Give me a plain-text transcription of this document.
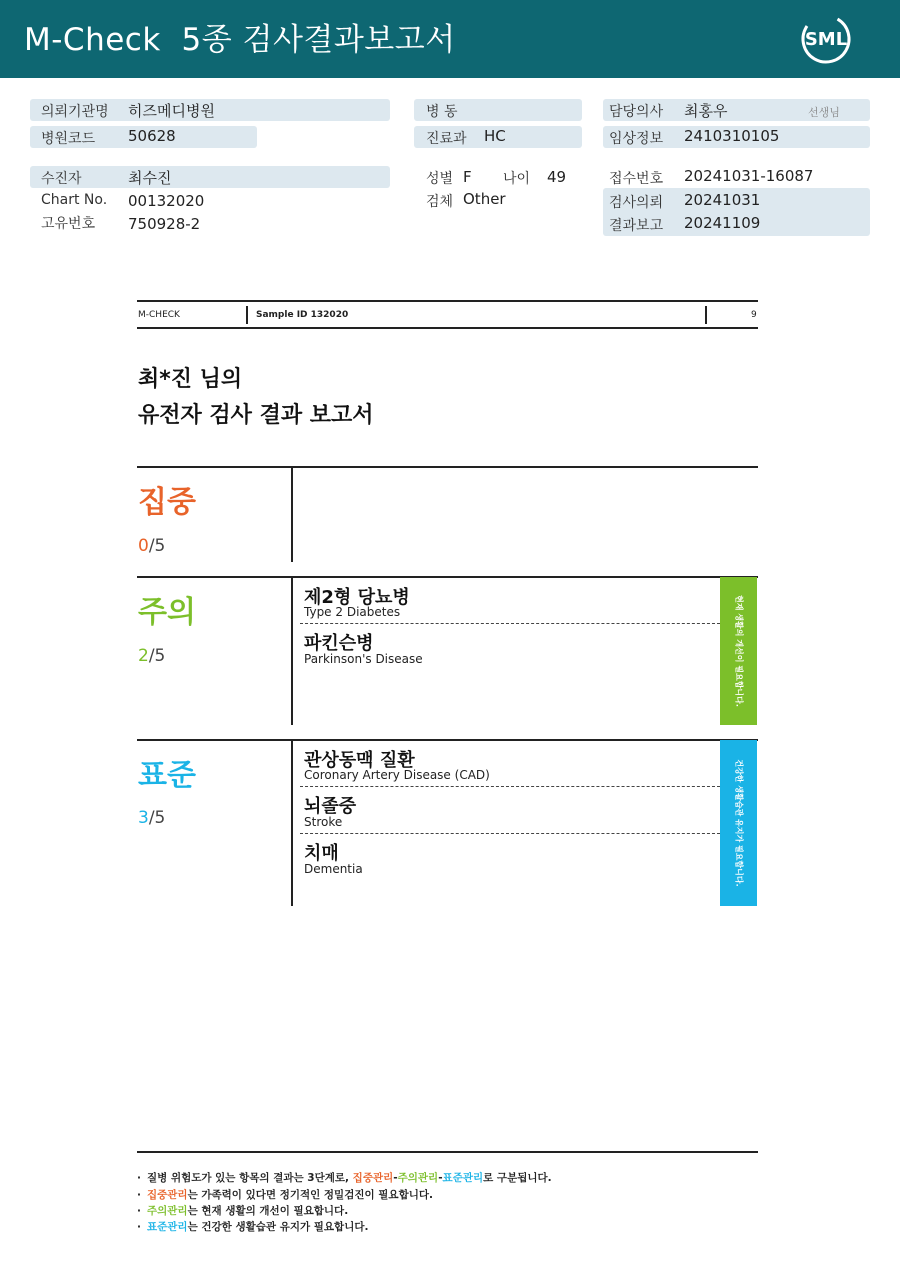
M-Check  5종 검사결과보고서	SML
의뢰기관명 히즈메디병원
병원코드 50628
수진자	최수진
Chart No. 00132020
고유번호 750928-2
병 동
진료과 HC
성별 F 나이 49
검체 Other
담당의사 최홍우	선생님
임상정보 2410310105
접수번호 20241031-16087
검사의뢰 20241031
결과보고 20241109
M-CHECK	Sample ID 132020	9
최*진 님의
유전자 검사 결과 보고서
집중
0/5
주의
2/5
제2형 당뇨병
Type 2 Diabetes
파킨슨병
Parkinson's Disease	현재 생활의 개선이 필요합니다.
표준
3/5
관상동맥 질환
Coronary Artery Disease (CAD)
뇌졸중
Stroke
치매
Dementia	건강한 생활습관 유지가 필요합니다.
· 질병 위험도가 있는 항목의 결과는 3단계로, 집중관리-주의관리-표준관리로 구분됩니다.
· 집중관리는 가족력이 있다면 정기적인 정밀검진이 필요합니다.
· 주의관리는 현재 생활의 개선이 필요합니다.
· 표준관리는 건강한 생활습관 유지가 필요합니다.
